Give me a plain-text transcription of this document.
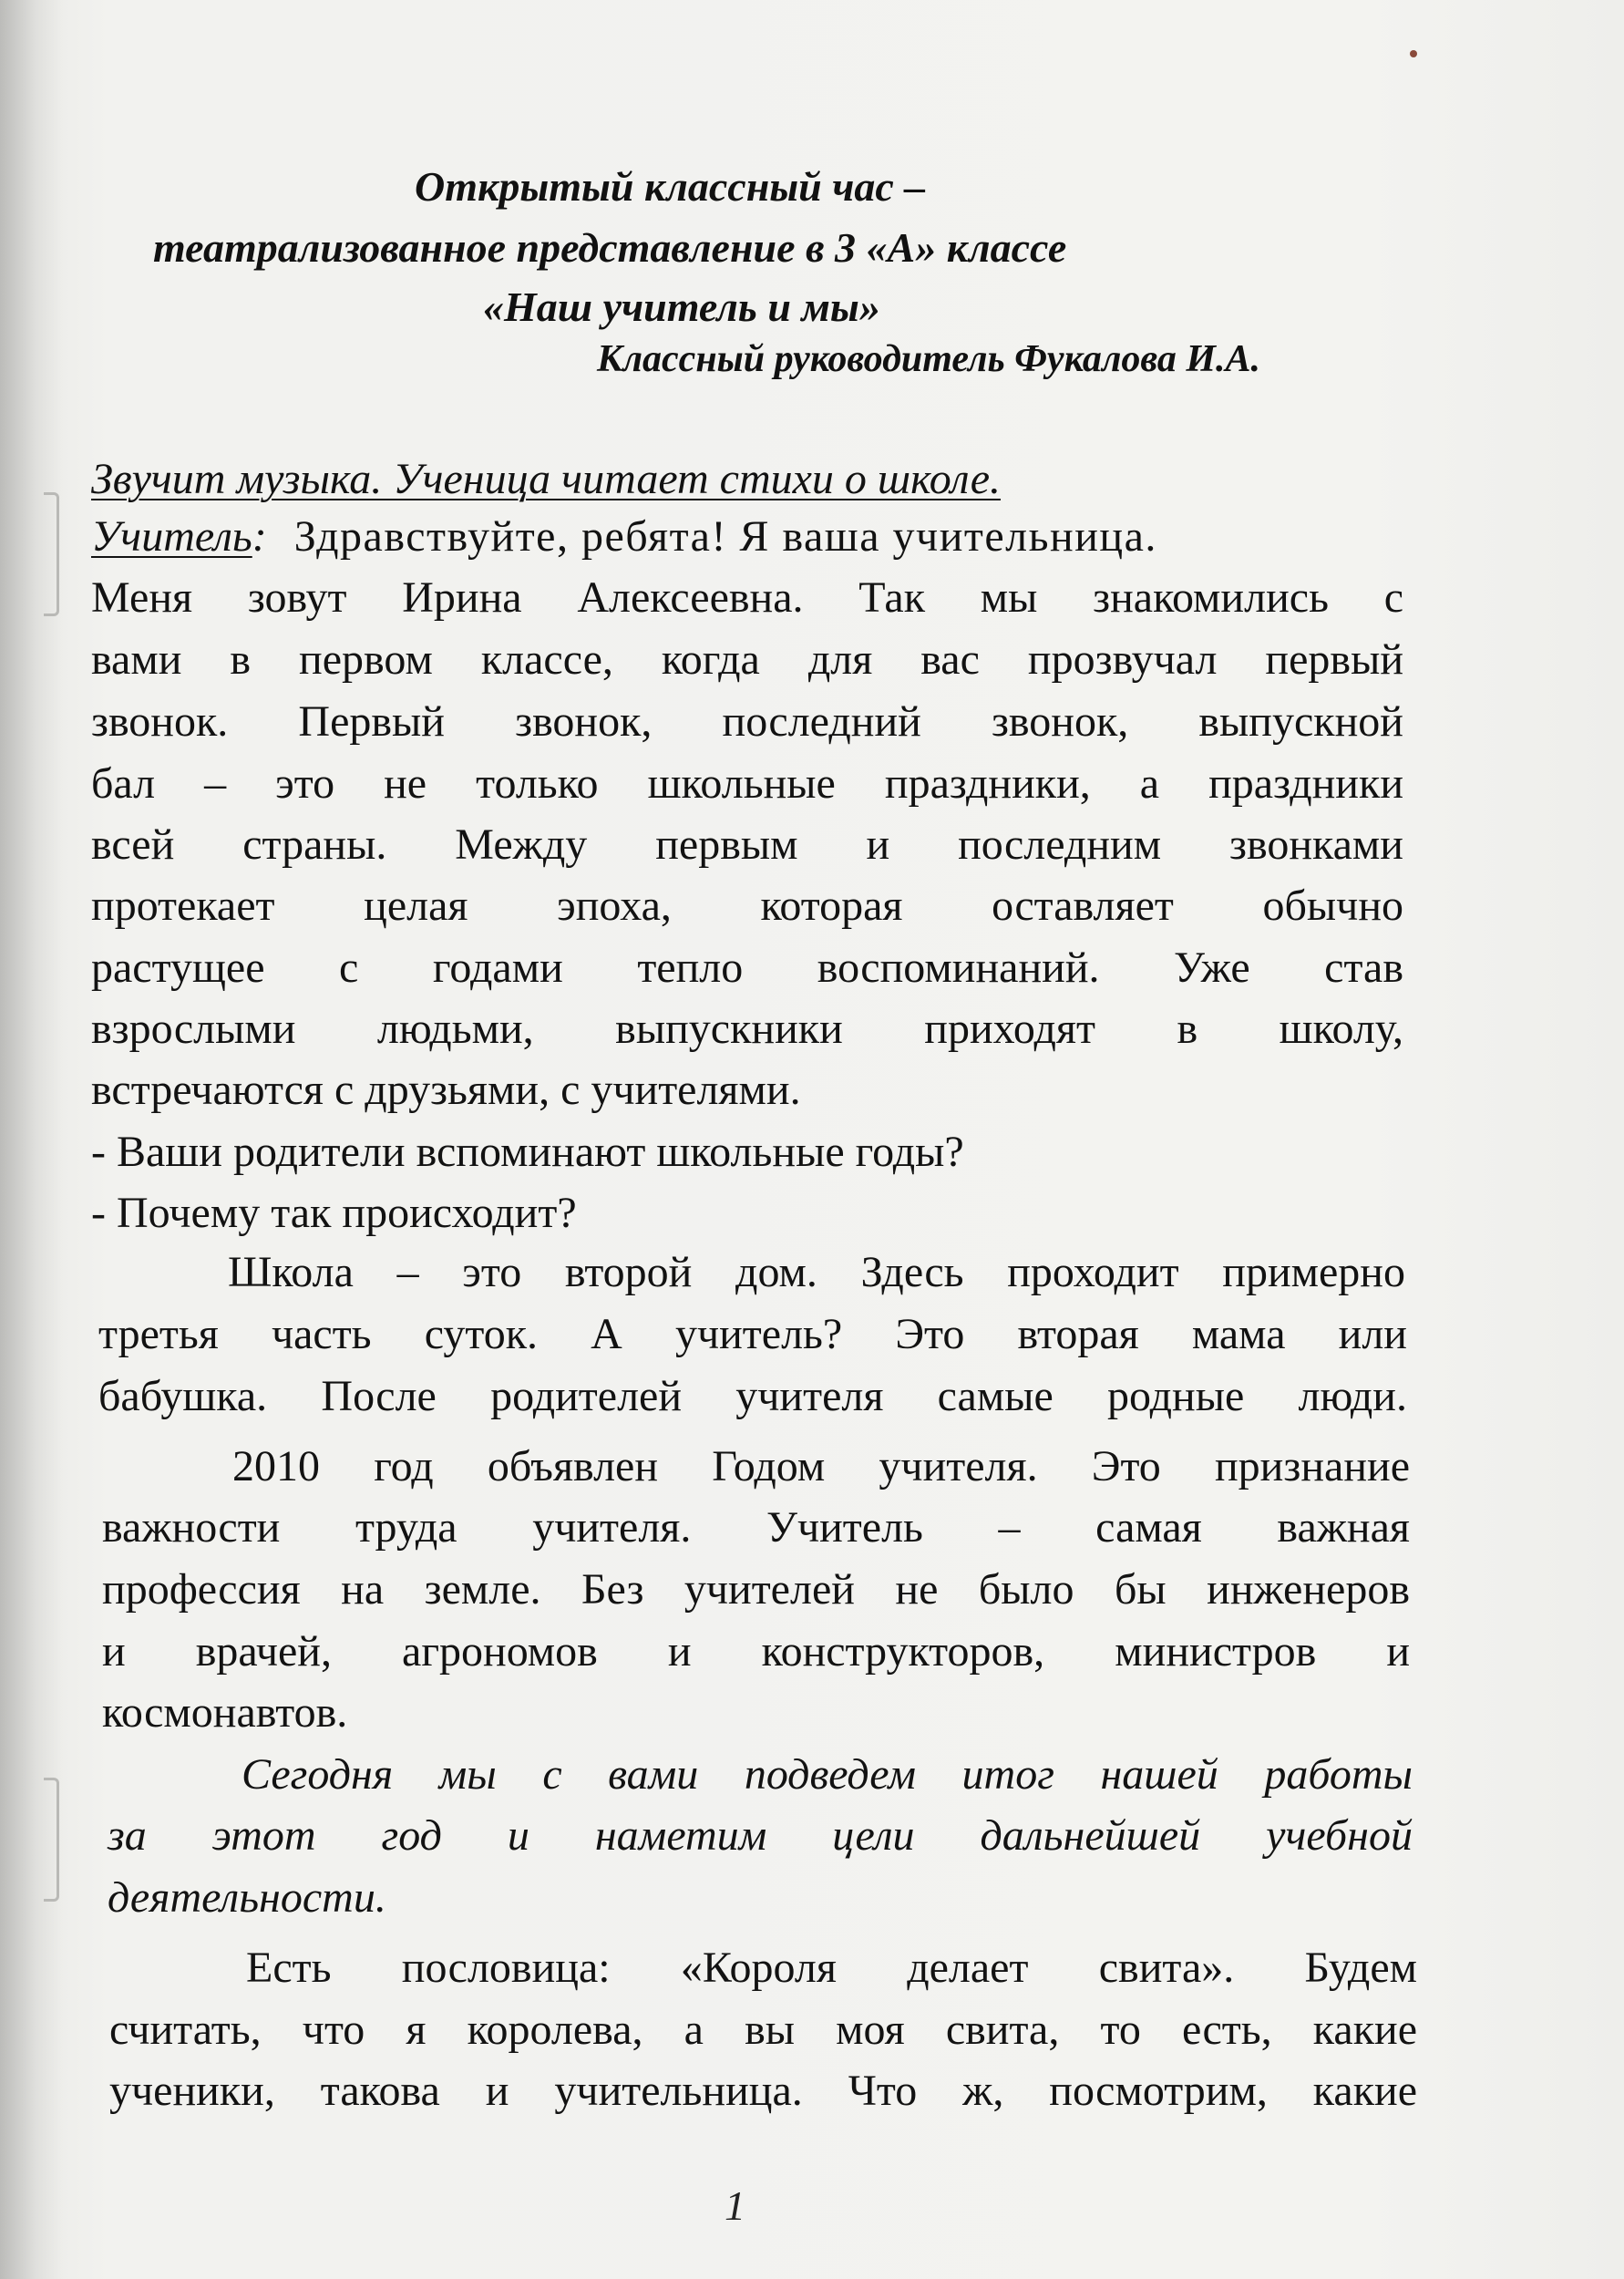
Открытый классный час –
театрализованное представление в 3 «А» классе
«Наш учитель и мы»
Классный руководитель Фукалова И.А.
Звучит музыка. Ученица читает стихи о школе.
Учитель: Здравствуйте, ребята! Я ваша учительница.
Меня зовут Ирина Алексеевна. Так мы знакомились с
вами в первом классе, когда для вас прозвучал первый
звонок. Первый звонок, последний звонок, выпускной
бал – это не только школьные праздники, а праздники
всей страны. Между первым и последним звонками
протекает целая эпоха, которая оставляет обычно
растущее с годами тепло воспоминаний. Уже став
взрослыми людьми, выпускники приходят в школу,
встречаются с друзьями, с учителями.
- Ваши родители вспоминают школьные годы?
- Почему так происходит?
Школа – это второй дом. Здесь проходит примерно
третья часть суток. А учитель? Это вторая мама или
бабушка. После родителей учителя самые родные люди.
2010 год объявлен Годом учителя. Это признание
важности труда учителя. Учитель – самая важная
профессия на земле. Без учителей не было бы инженеров
и врачей, агрономов и конструкторов, министров и
космонавтов.
Сегодня мы с вами подведем итог нашей работы
за этот год и наметим цели дальнейшей учебной
деятельности.
Есть пословица: «Короля делает свита». Будем
считать, что я королева, а вы моя свита, то есть, какие
ученики, такова и учительница. Что ж, посмотрим, какие
1
